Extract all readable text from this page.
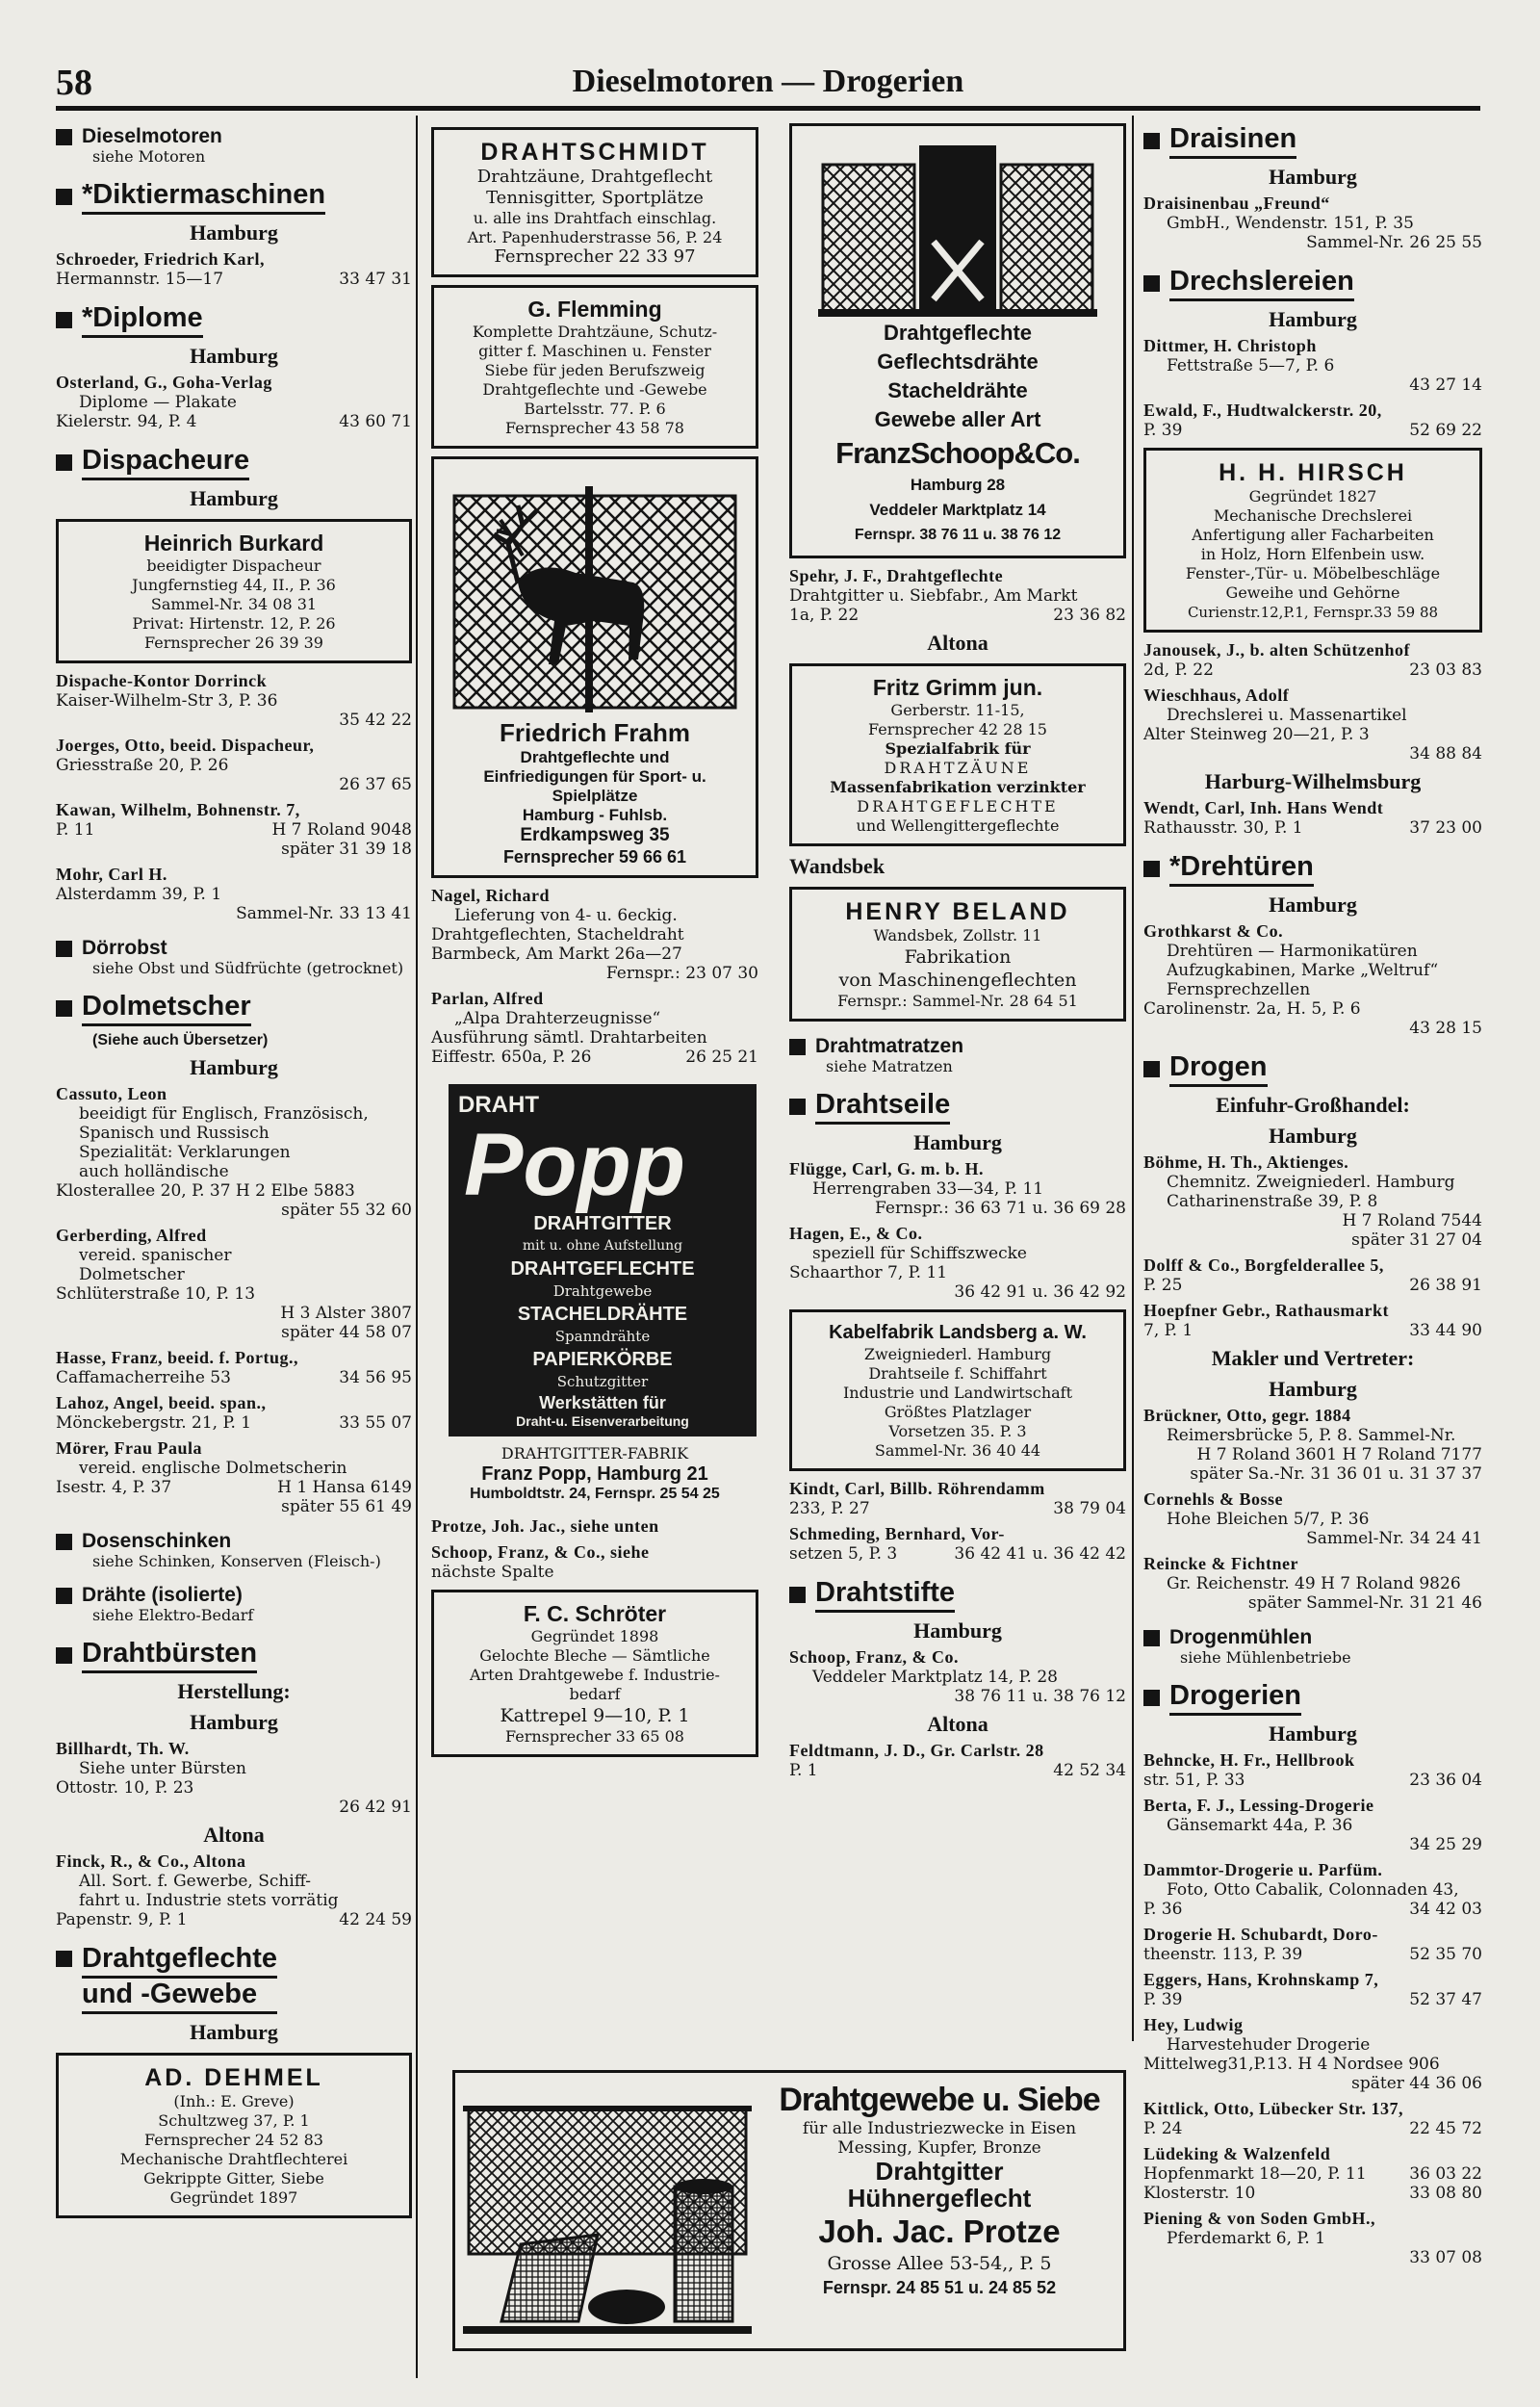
58	Dieselmotoren — Drogerien
Dieselmotoren
siehe Motoren
*Diktiermaschinen
Hamburg
Schroeder, Friedrich Karl,
Hermannstr. 15—17	33 47 31
*Diplome
Hamburg
Osterland, G., Goha-Verlag
Diplome — Plakate
Kielerstr. 94, P. 4	43 60 71
Dispacheure
Hamburg
Heinrich Burkard
beeidigter Dispacheur
Jungfernstieg 44, II., P. 36
Sammel-Nr. 34 08 31
Privat: Hirtenstr. 12, P. 26
Fernsprecher 26 39 39
Dispache-Kontor Dorrinck
Kaiser-Wilhelm-Str 3, P. 36
35 42 22
Joerges, Otto, beeid. Dispacheur,
Griesstraße 20, P. 26
26 37 65
Kawan, Wilhelm, Bohnenstr. 7,
P. 11	H 7 Roland 9048
später 31 39 18
Mohr, Carl H.
Alsterdamm 39, P. 1
Sammel-Nr. 33 13 41
Dörrobst
siehe Obst und Südfrüchte (getrocknet)
Dolmetscher
(Siehe auch Übersetzer)
Hamburg
Cassuto, Leon
beeidigt für Englisch, Französisch,
Spanisch und Russisch
Spezialität: Verklarungen
auch holländische
Klosterallee 20, P. 37 H 2 Elbe 5883
später 55 32 60
Gerberding, Alfred
vereid. spanischer
Dolmetscher
Schlüterstraße 10, P. 13
H 3 Alster 3807
später 44 58 07
Hasse, Franz, beeid. f. Portug.,
Caffamacherreihe 53	34 56 95
Lahoz, Angel, beeid. span.,
Mönckebergstr. 21, P. 1	33 55 07
Mörer, Frau Paula
vereid. englische Dolmetscherin
Isestr. 4, P. 37	H 1 Hansa 6149
später 55 61 49
Dosenschinken
siehe Schinken, Konserven (Fleisch-)
Drähte (isolierte)
siehe Elektro-Bedarf
Drahtbürsten
Herstellung:
Hamburg
Billhardt, Th. W.
Siehe unter Bürsten
Ottostr. 10, P. 23
26 42 91
Altona
Finck, R., & Co., Altona
All. Sort. f. Gewerbe, Schiff-
fahrt u. Industrie stets vorrätig
Papenstr. 9, P. 1	42 24 59
Drahtgeflechte
und -Gewebe
Hamburg
AD. DEHMEL
(Inh.: E. Greve)
Schultzweg 37, P. 1
Fernsprecher 24 52 83
Mechanische Drahtflechterei
Gekrippte Gitter, Siebe
Gegründet 1897
DRAHTSCHMIDT
Drahtzäune, Drahtgeflecht
Tennisgitter, Sportplätze
u. alle ins Drahtfach einschlag.
Art. Papenhuderstrasse 56, P. 24
Fernsprecher 22 33 97
G. Flemming
Komplette Drahtzäune, Schutz-
gitter f. Maschinen u. Fenster
Siebe für jeden Berufszweig
Drahtgeflechte und -Gewebe
Bartelsstr. 77. P. 6
Fernsprecher 43 58 78
Friedrich Frahm
Drahtgeflechte und
Einfriedigungen für Sport- u.
Spielplätze
Hamburg - Fuhlsb.
Erdkampsweg 35
Fernsprecher 59 66 61
Nagel, Richard
Lieferung von 4- u. 6eckig.
Drahtgeflechten, Stacheldraht
Barmbeck, Am Markt 26a—27
Fernspr.: 23 07 30
Parlan, Alfred
„Alpa Drahterzeugnisse“
Ausführung sämtl. Drahtarbeiten
Eiffestr. 650a, P. 26	26 25 21
DRAHT
Popp
DRAHTGITTER
mit u. ohne Aufstellung
DRAHTGEFLECHTE
Drahtgewebe
STACHELDRÄHTE
Spanndrähte
PAPIERKÖRBE
Schutzgitter
Werkstätten für
Draht-u. Eisenverarbeitung
DRAHTGITTER-FABRIK
Franz Popp, Hamburg 21
Humboldtstr. 24, Fernspr. 25 54 25
Protze, Joh. Jac., siehe unten
Schoop, Franz, & Co., siehe
nächste Spalte
F. C. Schröter
Gegründet 1898
Gelochte Bleche — Sämtliche
Arten Drahtgewebe f. Industrie-
bedarf
Kattrepel 9—10, P. 1
Fernsprecher 33 65 08
Drahtgeflechte
Geflechtsdrähte
Stacheldrähte
Gewebe aller Art
FranzSchoop&Co.
Hamburg 28
Veddeler Marktplatz 14
Fernspr. 38 76 11 u. 38 76 12
Spehr, J. F., Drahtgeflechte
Drahtgitter u. Siebfabr., Am Markt
1a, P. 22	23 36 82
Altona
Fritz Grimm jun.
Gerberstr. 11-15,
Fernsprecher 42 28 15
Spezialfabrik für
DRAHTZÄUNE
Massenfabrikation verzinkter
DRAHTGEFLECHTE
und Wellengittergeflechte
Wandsbek
HENRY BELAND
Wandsbek, Zollstr. 11
Fabrikation
von Maschinengeflechten
Fernspr.: Sammel-Nr. 28 64 51
Drahtmatratzen
siehe Matratzen
Drahtseile
Hamburg
Flügge, Carl, G. m. b. H.
Herrengraben 33—34, P. 11
Fernspr.: 36 63 71 u. 36 69 28
Hagen, E., & Co.
speziell für Schiffszwecke
Schaarthor 7, P. 11
36 42 91 u. 36 42 92
Kabelfabrik Landsberg a. W.
Zweigniederl. Hamburg
Drahtseile f. Schiffahrt
Industrie und Landwirtschaft
Größtes Platzlager
Vorsetzen 35. P. 3
Sammel-Nr. 36 40 44
Kindt, Carl, Billb. Röhrendamm
233, P. 27	38 79 04
Schmeding, Bernhard, Vor-
setzen 5, P. 3	36 42 41 u. 36 42 42
Drahtstifte
Hamburg
Schoop, Franz, & Co.
Veddeler Marktplatz 14, P. 28
38 76 11 u. 38 76 12
Altona
Feldtmann, J. D., Gr. Carlstr. 28
P. 1	42 52 34
Drahtgewebe u. Siebe
für alle Industriezwecke in Eisen
Messing, Kupfer, Bronze
Drahtgitter
Hühnergeflecht
Joh. Jac. Protze
Grosse Allee 53-54,, P. 5
Fernspr. 24 85 51 u. 24 85 52
Draisinen
Hamburg
Draisinenbau „Freund“
GmbH., Wendenstr. 151, P. 35
Sammel-Nr. 26 25 55
Drechslereien
Hamburg
Dittmer, H. Christoph
Fettstraße 5—7, P. 6
43 27 14
Ewald, F., Hudtwalckerstr. 20,
P. 39	52 69 22
H. H. HIRSCH
Gegründet 1827
Mechanische Drechslerei
Anfertigung aller Facharbeiten
in Holz, Horn Elfenbein usw.
Fenster-,Tür- u. Möbelbeschläge
Geweihe und Gehörne
Curienstr.12,P.1, Fernspr.33 59 88
Janousek, J., b. alten Schützenhof
2d, P. 22	23 03 83
Wieschhaus, Adolf
Drechslerei u. Massenartikel
Alter Steinweg 20—21, P. 3
34 88 84
Harburg-Wilhelmsburg
Wendt, Carl, Inh. Hans Wendt
Rathausstr. 30, P. 1	37 23 00
*Drehtüren
Hamburg
Grothkarst & Co.
Drehtüren — Harmonikatüren
Aufzugkabinen, Marke „Weltruf“
Fernsprechzellen
Carolinenstr. 2a, H. 5, P. 6
43 28 15
Drogen
Einfuhr-Großhandel:
Hamburg
Böhme, H. Th., Aktienges.
Chemnitz. Zweigniederl. Hamburg
Catharinenstraße 39, P. 8
H 7 Roland 7544
später 31 27 04
Dolff & Co., Borgfelderallee 5,
P. 25	26 38 91
Hoepfner Gebr., Rathausmarkt
7, P. 1	33 44 90
Makler und Vertreter:
Hamburg
Brückner, Otto, gegr. 1884
Reimersbrücke 5, P. 8. Sammel-Nr.
H 7 Roland 3601 H 7 Roland 7177
später Sa.-Nr. 31 36 01 u. 31 37 37
Cornehls & Bosse
Hohe Bleichen 5/7, P. 36
Sammel-Nr. 34 24 41
Reincke & Fichtner
Gr. Reichenstr. 49 H 7 Roland 9826
später Sammel-Nr. 31 21 46
Drogenmühlen
siehe Mühlenbetriebe
Drogerien
Hamburg
Behncke, H. Fr., Hellbrook
str. 51, P. 33	23 36 04
Berta, F. J., Lessing-Drogerie
Gänsemarkt 44a, P. 36
34 25 29
Dammtor-Drogerie u. Parfüm.
Foto, Otto Cabalik, Colonnaden 43,
P. 36	34 42 03
Drogerie H. Schubardt, Doro-
theenstr. 113, P. 39	52 35 70
Eggers, Hans, Krohnskamp 7,
P. 39	52 37 47
Hey, Ludwig
Harvestehuder Drogerie
Mittelweg31,P.13. H 4 Nordsee 906
später 44 36 06
Kittlick, Otto, Lübecker Str. 137,
P. 24	22 45 72
Lüdeking & Walzenfeld
Hopfenmarkt 18—20, P. 11	36 03 22
Klosterstr. 10	33 08 80
Piening & von Soden GmbH.,
Pferdemarkt 6, P. 1
33 07 08
